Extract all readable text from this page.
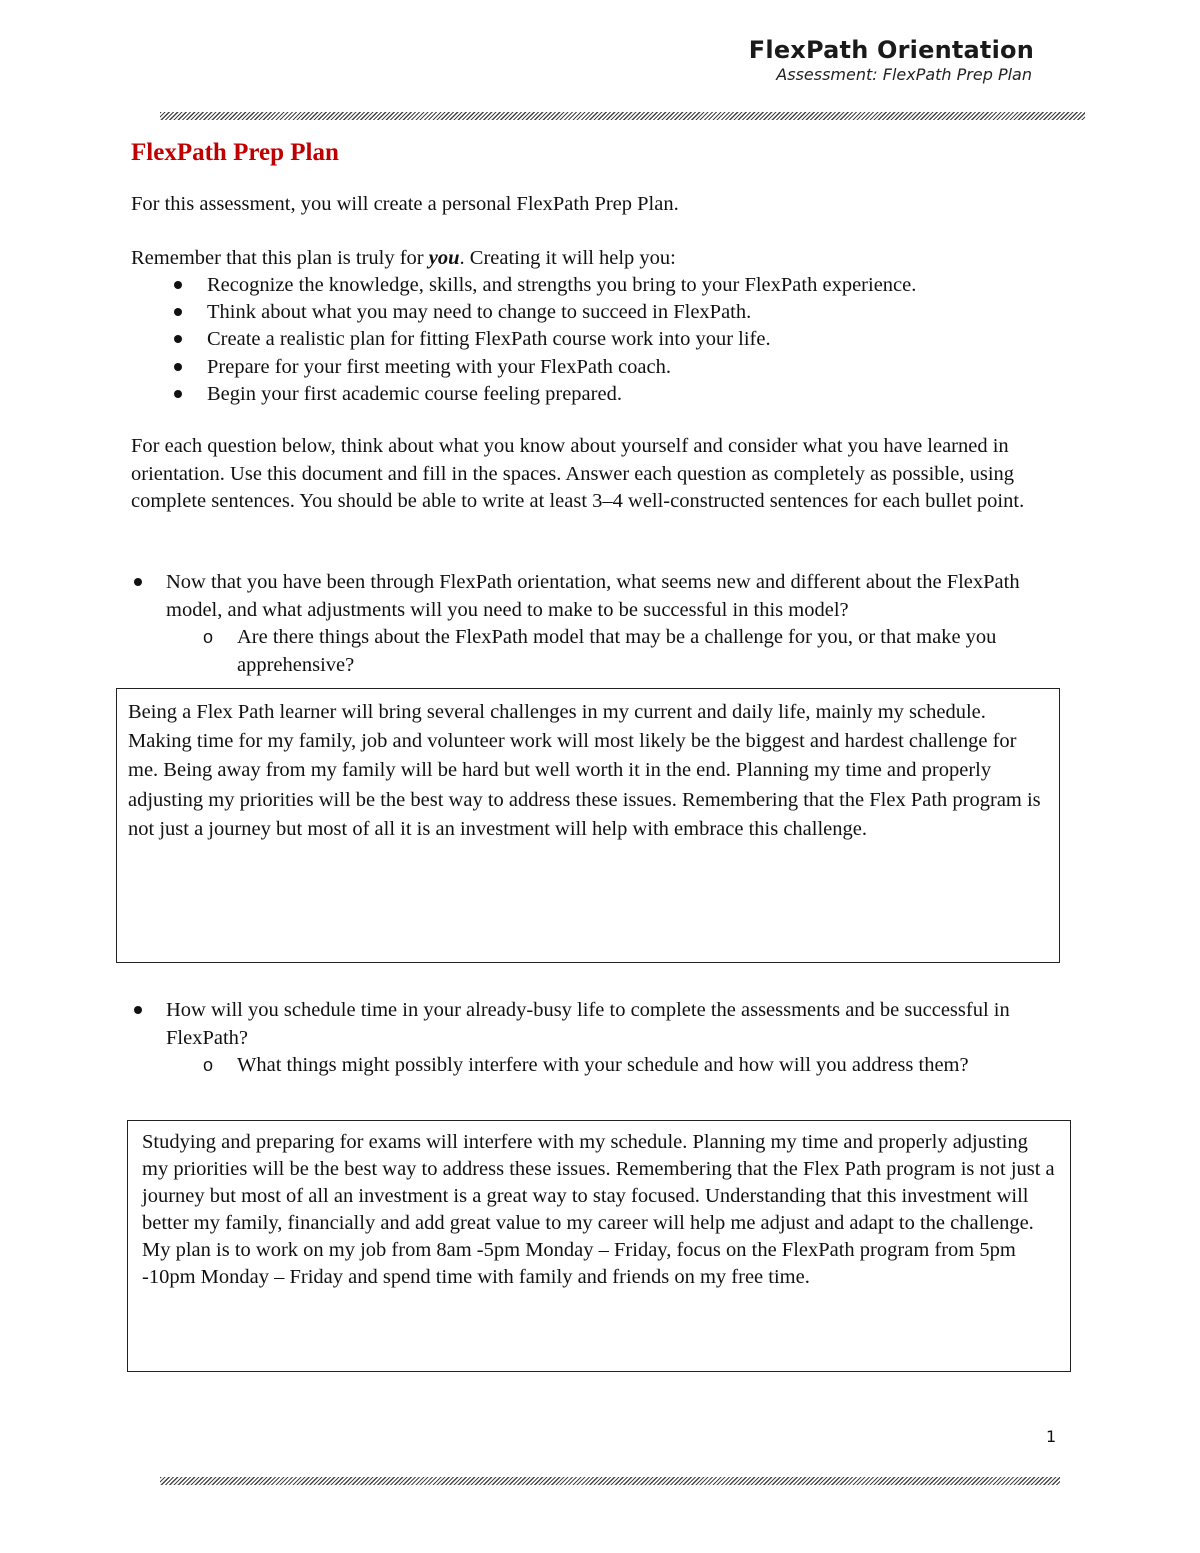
FlexPath Orientation
Assessment: FlexPath Prep Plan
FlexPath Prep Plan

For this assessment, you will create a personal FlexPath Prep Plan.

Remember that this plan is truly for you. Creating it will help you:

Recognize the knowledge, skills, and strengths you bring to your FlexPath experience.
Think about what you may need to change to succeed in FlexPath.
Create a realistic plan for fitting FlexPath course work into your life.
Prepare for your first meeting with your FlexPath coach.
Begin your first academic course feeling prepared.

For each question below, think about what you know about yourself and consider what you have learned in orientation. Use this document and fill in the spaces. Answer each question as completely as possible, using complete sentences. You should be able to write at least 3–4 well-constructed sentences for each bullet point.

Now that you have been through FlexPath orientation, what seems new and different about the FlexPath model, and what adjustments will you need to make to be successful in this model?
o Are there things about the FlexPath model that may be a challenge for you, or that make you apprehensive?
Being a Flex Path learner will bring several challenges in my current and daily life, mainly my schedule. Making time for my family, job and volunteer work will most likely be the biggest and hardest challenge for me. Being away from my family will be hard but well worth it in the end. Planning my time and properly adjusting my priorities will be the best way to address these issues. Remembering that the Flex Path program is not just a journey but most of all it is an investment will help with embrace this challenge.
How will you schedule time in your already-busy life to complete the assessments and be successful in FlexPath?
o What things might possibly interfere with your schedule and how will you address them?
Studying and preparing for exams will interfere with my schedule. Planning my time and properly adjusting my priorities will be the best way to address these issues. Remembering that the Flex Path program is not just a journey but most of all an investment is a great way to stay focused. Understanding that this investment will better my family, financially and add great value to my career will help me adjust and adapt to the challenge. My plan is to work on my job from 8am -5pm Monday – Friday, focus on the FlexPath program from 5pm -10pm Monday – Friday and spend time with family and friends on my free time.
1
